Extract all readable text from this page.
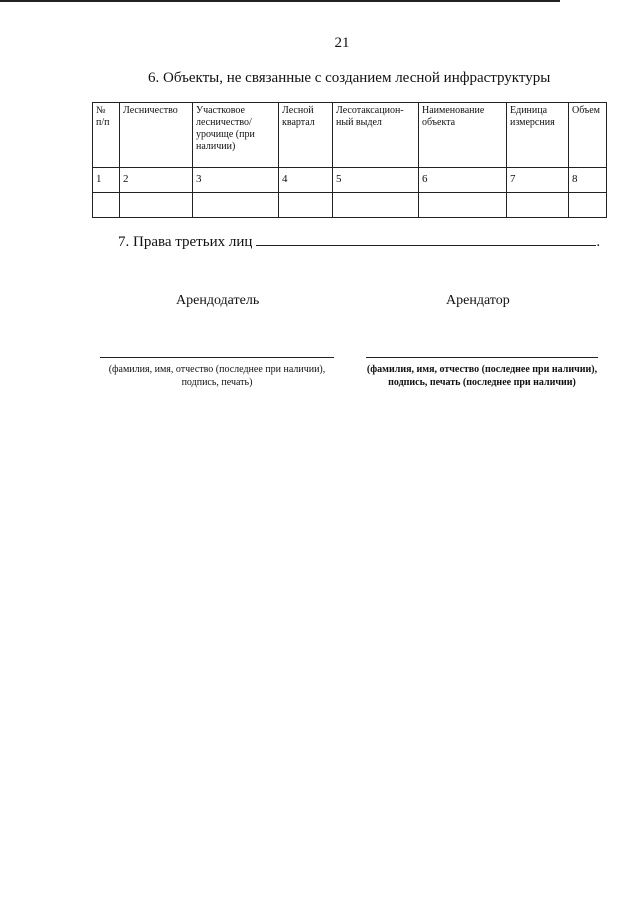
21
6. Объекты, не связанные с созданием лесной инфраструктуры
№ п/п	Лесничество	Участковое лесничество/ урочище (при наличии)	Лесной квартал	Лесотаксацион-ный выдел	Наименование объекта	Единица измерсния	Объем
1	2	3	4	5	6	7	8

7. Права третьих лиц	.
Арендодатель	Арендатор
(фамилия, имя, отчество (последнее при наличии), подпись, печать)
(фамилия, имя, отчество (последнее при наличии), подпись, печать (последнее при наличии)
